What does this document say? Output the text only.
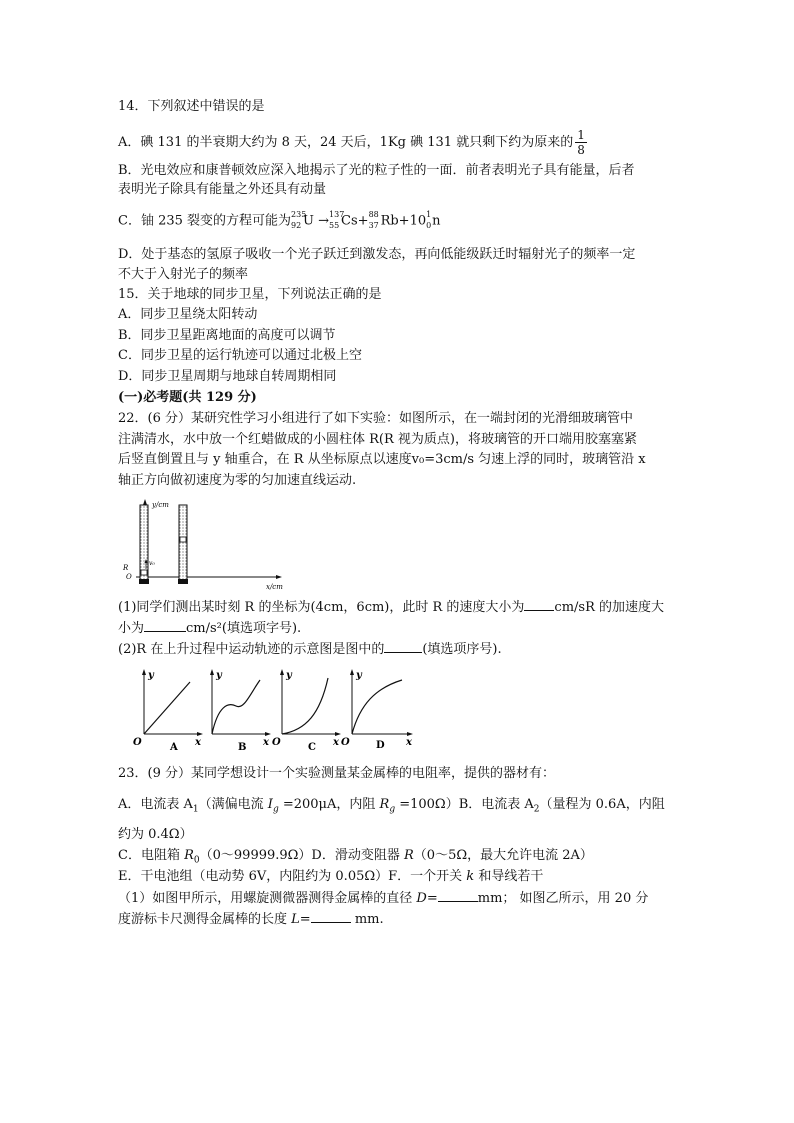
14．下列叙述中错误的是
A．碘 131 的半衰期大约为 8 天，24 天后，1Kg 碘 131 就只剩下约为原来的 $\frac{1}{8}$
B．光电效应和康普顿效应深入地揭示了光的粒子性的一面．前者表明光子具有能量，后者
表明光子除具有能量之外还具有动量
C．铀 235 裂变的方程可能为 235
92 U → 137
55 Cs+ 88
37 Rb+10 1
0 n
D．处于基态的氢原子吸收一个光子跃迁到激发态，再向低能级跃迁时辐射光子的频率一定
不大于入射光子的频率
15．关于地球的同步卫星，下列说法正确的是
A．同步卫星绕太阳转动
B．同步卫星距离地面的高度可以调节
C．同步卫星的运行轨迹可以通过北极上空
D．同步卫星周期与地球自转周期相同
(一)必考题(共 129 分)
22．(6 分）某研究性学习小组进行了如下实验：如图所示，在一端封闭的光滑细玻璃管中
注满清水，水中放一个红蜡做成的小圆柱体 R(R 视为质点)，将玻璃管的开口端用胶塞塞紧
后竖直倒置且与 y 轴重合，在 R 从坐标原点以速度v₀=3cm/s 匀速上浮的同时，玻璃管沿 x
轴正方向做初速度为零的匀加速直线运动.
y/cm
x/cm
v₀
R
O
(1)同学们测出某时刻 R 的坐标为(4cm，6cm)，此时 R 的速度大小为 cm/sR 的加速度大
小为	cm/s²(填选项字号).
(2)R 在上升过程中运动轨迹的示意图是图中的	(填选项序号).
y
x
O	A
y
x
B
y
x
O	C
y
x
O	D
23．(9 分）某同学想设计一个实验测量某金属棒的电阻率，提供的器材有：
A．电流表 $A_1$（满偏电流 $I_g =200\mu A$，内阻 $R_g =100\Omega)B$．电流表 $A_2$（量程为 0.6A，内阻
约为 0.4Ω）
C．电阻箱 $R_0(0\sim 99999.9\Omega)D$．滑动变阻器 R（0～5Ω，最大允许电流 2A）
E．干电池组（电动势 6V，内阻约为 0.05Ω）F．一个开关 k 和导线若干
（1）如图甲所示，用螺旋测微器测得金属棒的直径 D=	mm； 如图乙所示，用 20 分
度游标卡尺测得金属棒的长度 L=	mm.
